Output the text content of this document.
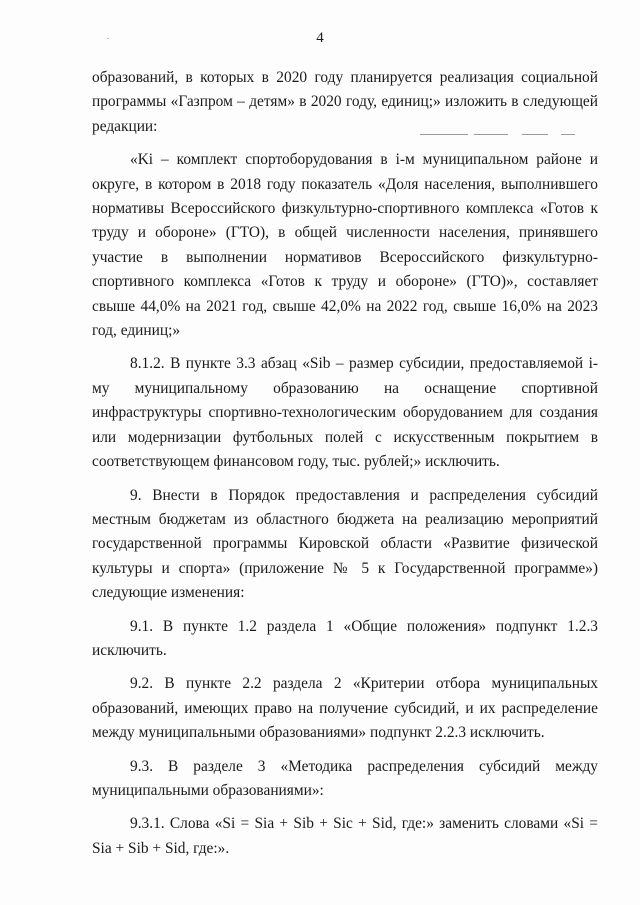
4

образований, в которых в 2020 году планируется реализация социальной программы «Газпром – детям» в 2020 году, единиц;» изложить в следующей редакции:

«Ki – комплект спортоборудования в i-м муниципальном районе и округе, в котором в 2018 году показатель «Доля населения, выполнившего нормативы Всероссийского физкультурно-спортивного комплекса «Готов к труду и обороне» (ГТО), в общей численности населения, принявшего участие в выполнении нормативов Всероссийского физкультурно-спортивного комплекса «Готов к труду и обороне» (ГТО)», составляет свыше 44,0% на 2021 год, свыше 42,0% на 2022 год, свыше 16,0% на 2023 год, единиц;»

8.1.2. В пункте 3.3 абзац «Sib – размер субсидии, предоставляемой i-му муниципальному образованию на оснащение спортивной инфраструктуры спортивно-технологическим оборудованием для создания или модернизации футбольных полей с искусственным покрытием в соответствующем финансовом году, тыс. рублей;» исключить.

9. Внести в Порядок предоставления и распределения субсидий местным бюджетам из областного бюджета на реализацию мероприятий государственной программы Кировской области «Развитие физической культуры и спорта» (приложение № 5 к Государственной программе») следующие изменения:

9.1. В пункте 1.2 раздела 1 «Общие положения» подпункт 1.2.3 исключить.

9.2. В пункте 2.2 раздела 2 «Критерии отбора муниципальных образований, имеющих право на получение субсидий, и их распределение между муниципальными образованиями» подпункт 2.2.3 исключить.

9.3. В разделе 3 «Методика распределения субсидий между муниципальными образованиями»:

9.3.1. Слова «Si = Sia + Sib + Sic + Sid, где:» заменить словами «Si = Sia + Sib + Sid, где:».
